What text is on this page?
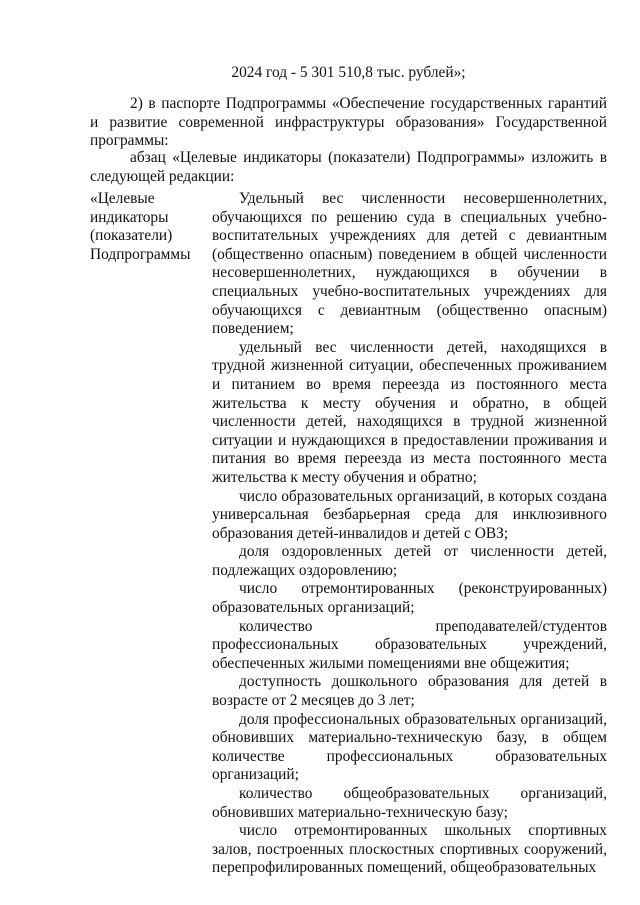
2024 год - 5 301 510,8 тыс. рублей»;
2) в паспорте Подпрограммы «Обеспечение государственных гарантий и развитие современной инфраструктуры образования» Государственной программы:
абзац «Целевые индикаторы (показатели) Подпрограммы» изложить в следующей редакции:
«Целевые индикаторы (показатели) Подпрограммы

Удельный вес численности несовершеннолетних, обучающихся по решению суда в специальных учебно-воспитательных учреждениях для детей с девиантным (общественно опасным) поведением в общей численности несовершеннолетних, нуждающихся в обучении в специальных учебно-воспитательных учреждениях для обучающихся с девиантным (общественно опасным) поведением;

удельный вес численности детей, находящихся в трудной жизненной ситуации, обеспеченных проживанием и питанием во время переезда из постоянного места жительства к месту обучения и обратно, в общей численности детей, находящихся в трудной жизненной ситуации и нуждающихся в предоставлении проживания и питания во время переезда из места постоянного места жительства к месту обучения и обратно;

число образовательных организаций, в которых создана универсальная безбарьерная среда для инклюзивного образования детей-инвалидов и детей с ОВЗ;

доля оздоровленных детей от численности детей, подлежащих оздоровлению;

число отремонтированных (реконструированных) образовательных организаций;

количество преподавателей/студентов профессиональных образовательных учреждений, обеспеченных жилыми помещениями вне общежития;

доступность дошкольного образования для детей в возрасте от 2 месяцев до 3 лет;

доля профессиональных образовательных организаций, обновивших материально-техническую базу, в общем количестве профессиональных образовательных организаций;

количество общеобразовательных организаций, обновивших материально-техническую базу;

число отремонтированных школьных спортивных залов, построенных плоскостных спортивных сооружений, перепрофилированных помещений, общеобразовательных
